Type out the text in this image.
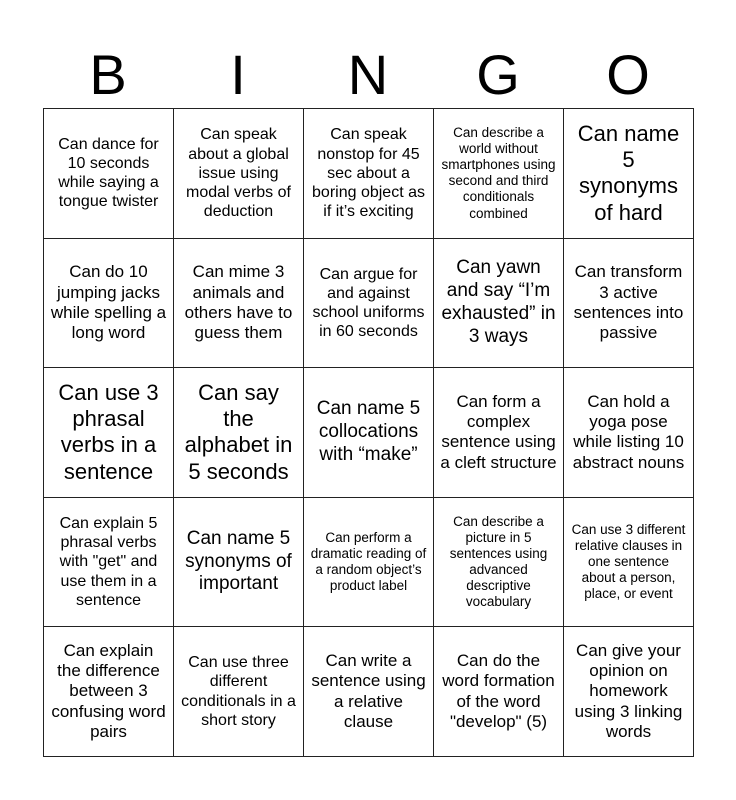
B	I	N	G	O
Can dance for 10 seconds while saying a tongue twister	Can speak about a global issue using modal verbs of deduction	Can speak nonstop for 45 sec about a boring object as if it’s exciting	Can describe a world without smartphones using second and third conditionals combined	Can name 5 synonyms of hard
Can do 10 jumping jacks while spelling a long word	Can mime 3 animals and others have to guess them	Can argue for and against school uniforms in 60 seconds	Can yawn and say “I’m exhausted” in 3 ways	Can transform 3 active sentences into passive
Can use 3 phrasal verbs in a sentence	Can say the alphabet in 5 seconds	Can name 5 collocations with “make”	Can form a complex sentence using a cleft structure	Can hold a yoga pose while listing 10 abstract nouns
Can explain 5 phrasal verbs with "get" and use them in a sentence	Can name 5 synonyms of important	Can perform a dramatic reading of a random object’s product label	Can describe a picture in 5 sentences using advanced descriptive vocabulary	Can use 3 different relative clauses in one sentence about a person, place, or event
Can explain the difference between 3 confusing word pairs	Can use three different conditionals in a short story	Can write a sentence using a relative clause	Can do the word formation of the word "develop" (5)	Can give your opinion on homework using 3 linking words
